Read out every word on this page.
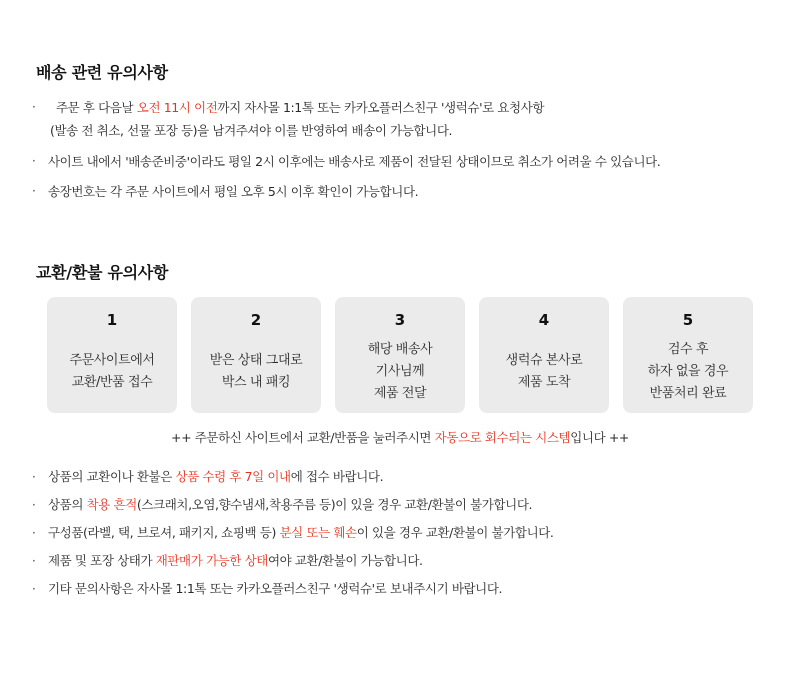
배송 관련 유의사항
·	주문 후 다음날 오전 11시 이전까지 자사몰 1:1톡 또는 카카오플러스친구 '생럭슈'로 요청사항
(발송 전 취소, 선물 포장 등)을 남겨주셔야 이를 반영하여 배송이 가능합니다.
· 사이트 내에서 '배송준비중'이라도 평일 2시 이후에는 배송사로 제품이 전달된 상태이므로 취소가 어려울 수 있습니다.
· 송장번호는 각 주문 사이트에서 평일 오후 5시 이후 확인이 가능합니다.
교환/환불 유의사항
1
주문사이트에서
교환/반품 접수
2
받은 상태 그대로
박스 내 패킹
3
해당 배송사
기사님께
제품 전달
4
생럭슈 본사로
제품 도착
5
검수 후
하자 없을 경우
반품처리 완료
++ 주문하신 사이트에서 교환/반품을 눌러주시면 자동으로 회수되는 시스템입니다 ++
· 상품의 교환이나 환불은 상품 수령 후 7일 이내에 접수 바랍니다.
· 상품의 착용 흔적(스크래치,오염,향수냄새,착용주름 등)이 있을 경우 교환/환불이 불가합니다.
· 구성품(라벨, 택, 브로셔, 패키지, 쇼핑백 등) 분실 또는 훼손이 있을 경우 교환/환불이 불가합니다.
· 제품 및 포장 상태가 재판매가 가능한 상태여야 교환/환불이 가능합니다.
· 기타 문의사항은 자사몰 1:1톡 또는 카카오플러스친구 '생럭슈'로 보내주시기 바랍니다.
